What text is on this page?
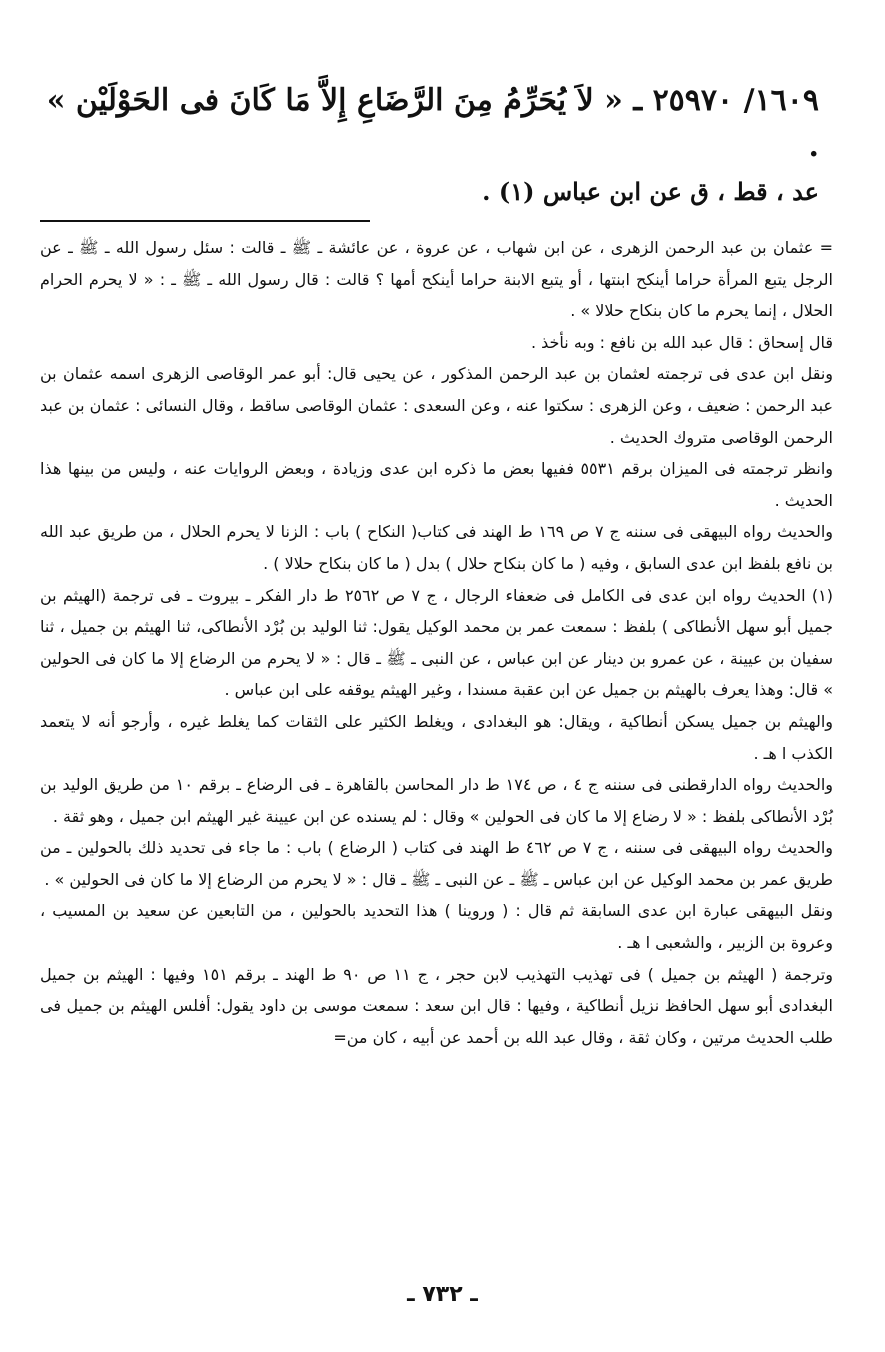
١٦٠٩/ ٢٥٩٧٠ ـ « لاَ يُحَرِّمُ مِنَ الرَّضَاعِ إِلاَّ مَا كَانَ فى الحَوْلَيْن » .
عد ، قط ، ق عن ابن عباس (١) .

= عثمان بن عبد الرحمن الزهرى ، عن ابن شهاب ، عن عروة ، عن عائشة ـ ﷺ ـ قالت : سئل رسول الله ـ ﷺ ـ عن الرجل يتبع المرأة حراما أينكح ابنتها ، أو يتبع الابنة حراما أينكح أمها ؟ قالت : قال رسول الله ـ ﷺ ـ : « لا يحرم الحرام الحلال ، إنما يحرم ما كان بنكاح حلالا » .

قال إسحاق : قال عبد الله بن نافع : وبه نأخذ .

ونقل ابن عدى فى ترجمته لعثمان بن عبد الرحمن المذكور ، عن يحيى قال: أبو عمر الوقاصى الزهرى اسمه عثمان بن عبد الرحمن : ضعيف ، وعن الزهرى : سكتوا عنه ، وعن السعدى : عثمان الوقاصى ساقط ، وقال النسائى : عثمان بن عبد الرحمن الوقاصى متروك الحديث .

وانظر ترجمته فى الميزان برقم ٥٥٣١ ففيها بعض ما ذكره ابن عدى وزيادة ، وبعض الروايات عنه ، وليس من بينها هذا الحديث .

والحديث رواه البيهقى فى سننه ج ٧ ص ١٦٩ ط الهند فى كتاب( النكاح ) باب : الزنا لا يحرم الحلال ، من طريق عبد الله بن نافع بلفظ ابن عدى السابق ، وفيه ( ما كان بنكاح حلال ) بدل ( ما كان بنكاح حلالا ) .

(١) الحديث رواه ابن عدى فى الكامل فى ضعفاء الرجال ، ج ٧ ص ٢٥٦٢ ط دار الفكر ـ بيروت ـ فى ترجمة (الهيثم بن جميل أبو سهل الأنطاكى ) بلفظ : سمعت عمر بن محمد الوكيل يقول: ثنا الوليد بن بُرْد الأنطاكى، ثنا الهيثم بن جميل ، ثنا سفيان بن عيينة ، عن عمرو بن دينار عن ابن عباس ، عن النبى ـ ﷺ ـ قال : « لا يحرم من الرضاع إلا ما كان فى الحولين » قال: وهذا يعرف بالهيثم بن جميل عن ابن عقبة مسندا ، وغير الهيثم يوقفه على ابن عباس .

والهيثم بن جميل يسكن أنطاكية ، ويقال: هو البغدادى ، ويغلط الكثير على الثقات كما يغلط غيره ، وأرجو أنه لا يتعمد الكذب ا هـ .

والحديث رواه الدارقطنى فى سننه ج ٤ ، ص ١٧٤ ط دار المحاسن بالقاهرة ـ فى الرضاع ـ برقم ١٠ من طريق الوليد بن بُرْد الأنطاكى بلفظ : « لا رضاع إلا ما كان فى الحولين » وقال : لم يسنده عن ابن عيينة غير الهيثم ابن جميل ، وهو ثقة .

والحديث رواه البيهقى فى سننه ، ج ٧ ص ٤٦٢ ط الهند فى كتاب ( الرضاع ) باب : ما جاء فى تحديد ذلك بالحولين ـ من طريق عمر بن محمد الوكيل عن ابن عباس ـ ﷺ ـ عن النبى ـ ﷺ ـ قال : « لا يحرم من الرضاع إلا ما كان فى الحولين » .

ونقل البيهقى عبارة ابن عدى السابقة ثم قال : ( وروينا ) هذا التحديد بالحولين ، من التابعين عن سعيد بن المسيب ، وعروة بن الزبير ، والشعبى ا هـ .

وترجمة ( الهيثم بن جميل ) فى تهذيب التهذيب لابن حجر ، ج ١١ ص ٩٠ ط الهند ـ برقم ١٥١ وفيها : الهيثم بن جميل البغدادى أبو سهل الحافظ نزيل أنطاكية ، وفيها : قال ابن سعد : سمعت موسى بن داود يقول: أفلس الهيثم بن جميل فى طلب الحديث مرتين ، وكان ثقة ، وقال عبد الله بن أحمد عن أبيه ، كان من=

ـ ٧٣٢ ـ
